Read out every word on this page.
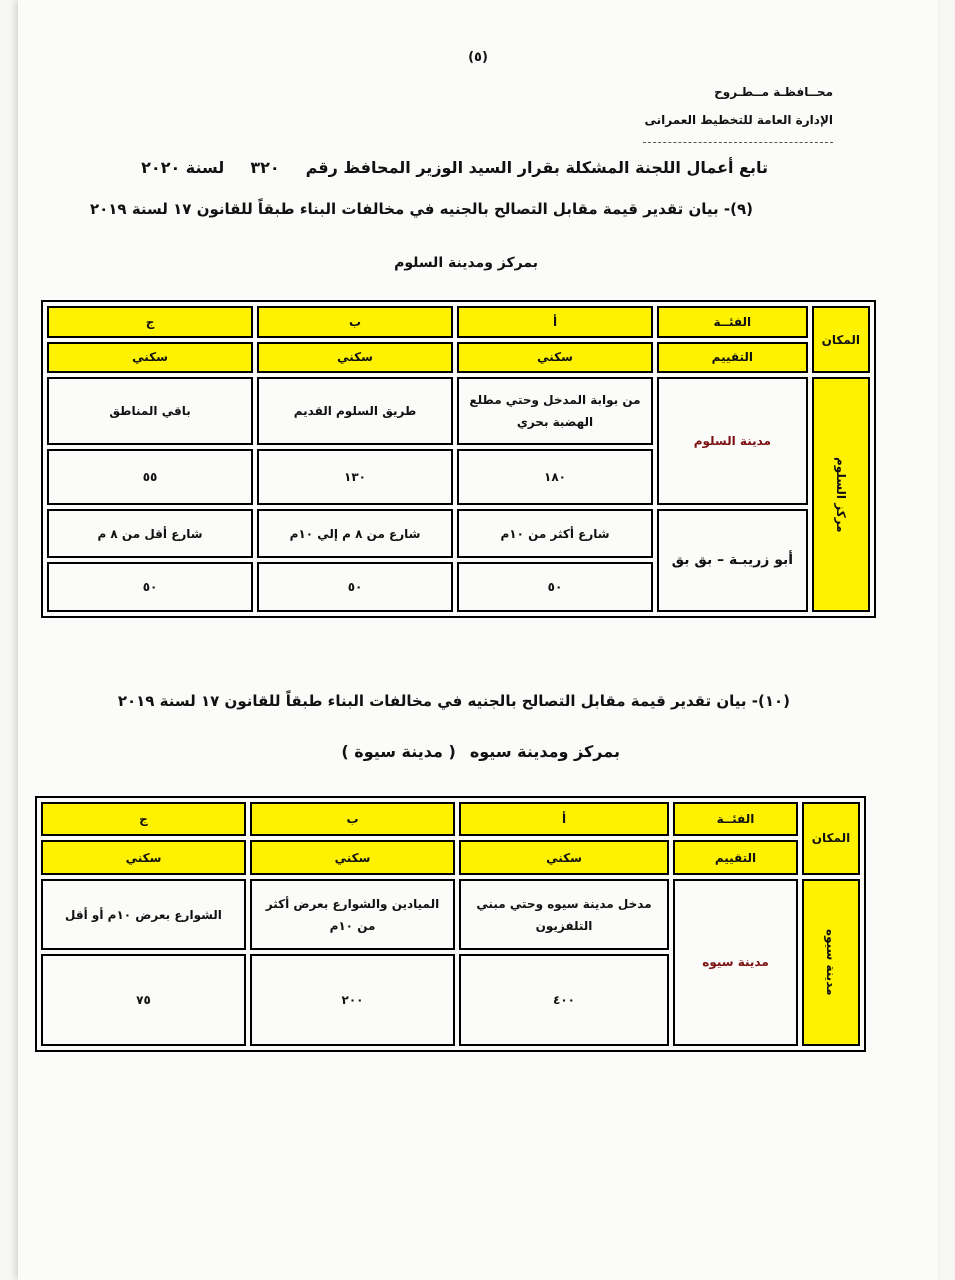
(٥)
محــافظـة مــطـروح
الإدارة العامة للتخطيط العمرانى
تابع أعمال اللجنة المشكلة بقرار السيد الوزير المحافظ رقم٣٢٠لسنة ٢٠٢٠
(٩)- بيان تقدير قيمة مقابل التصالح بالجنيه في مخالفات البناء طبقاً للقانون ١٧ لسنة ٢٠١٩
بمركز ومدينة السلوم
المكان	الفئــة	أ	ب	ج
	التقييم	سكني	سكني	سكني
مركز السلوم	مدينة السلوم	من بوابة المدخل وحتي مطلع الهضبة بحري	طريق السلوم القديم	باقي المناطق
		١٨٠	١٣٠	٥٥
	أبو زريبـة – بق بق	شارع أكثر من ١٠م	شارع من ٨ م إلي ١٠م	شارع أقل من ٨ م
		٥٠	٥٠	٥٠
(١٠)- بيان تقدير قيمة مقابل التصالح بالجنيه في مخالفات البناء طبقاً للقانون ١٧ لسنة ٢٠١٩
بمركز ومدينة سيوه( مدينة سيوة )
المكان	الفئــة	أ	ب	ج
	التقييم	سكني	سكني	سكني
مدينة سيوه	مدينة سيوه	مدخل مدينة سيوه وحتي مبني التلفزيون	الميادين والشوارع بعرض أكثر من ١٠م	الشوارع بعرض ١٠م أو أقل
		٤٠٠	٢٠٠	٧٥
